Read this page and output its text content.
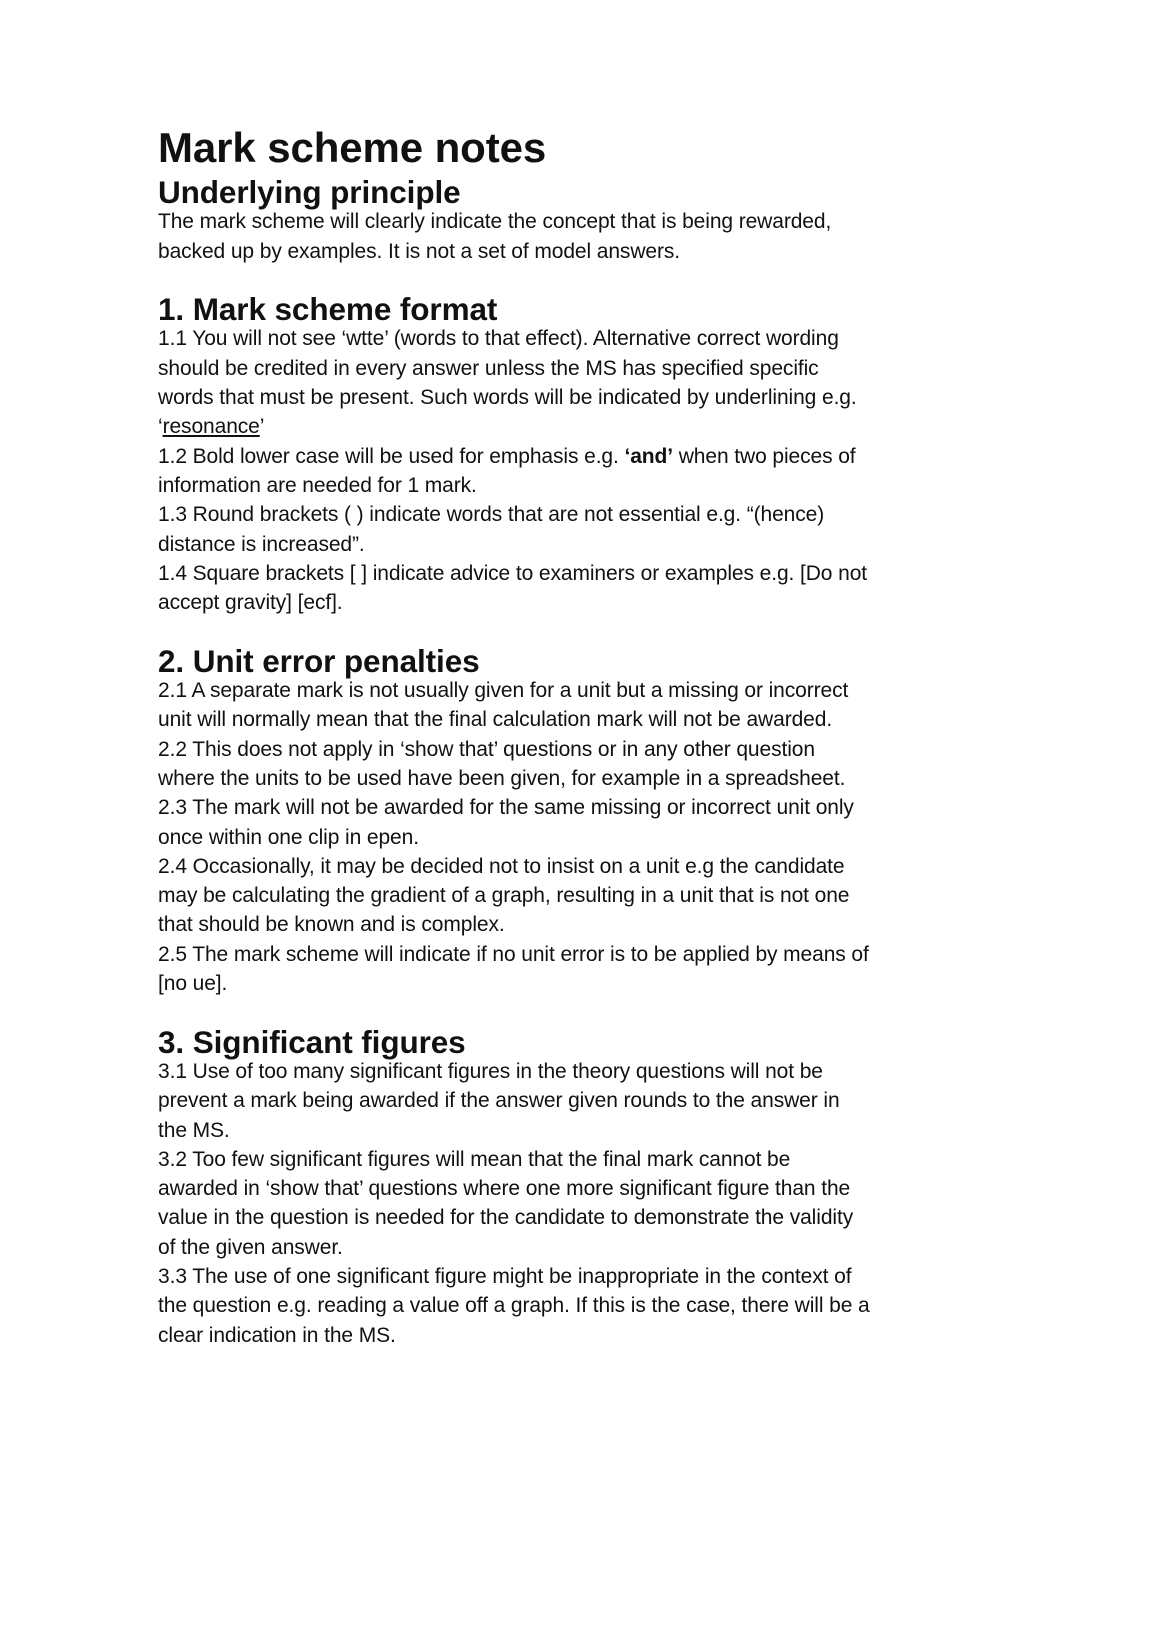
Mark scheme notes
Underlying principle

The mark scheme will clearly indicate the concept that is being rewarded,
backed up by examples. It is not a set of model answers.

1. Mark scheme format

1.1 You will not see ‘wtte’ (words to that effect). Alternative correct wording
should be credited in every answer unless the MS has specified specific
words that must be present. Such words will be indicated by underlining e.g.
‘resonance’
1.2 Bold lower case will be used for emphasis e.g. ‘and’ when two pieces of
information are needed for 1 mark.
1.3 Round brackets ( ) indicate words that are not essential e.g. “(hence)
distance is increased”.
1.4 Square brackets [ ] indicate advice to examiners or examples e.g. [Do not
accept gravity] [ecf].

2. Unit error penalties

2.1 A separate mark is not usually given for a unit but a missing or incorrect
unit will normally mean that the final calculation mark will not be awarded.
2.2 This does not apply in ‘show that’ questions or in any other question
where the units to be used have been given, for example in a spreadsheet.
2.3 The mark will not be awarded for the same missing or incorrect unit only
once within one clip in epen.
2.4 Occasionally, it may be decided not to insist on a unit e.g the candidate
may be calculating the gradient of a graph, resulting in a unit that is not one
that should be known and is complex.
2.5 The mark scheme will indicate if no unit error is to be applied by means of
[no ue].

3. Significant figures

3.1 Use of too many significant figures in the theory questions will not be
prevent a mark being awarded if the answer given rounds to the answer in
the MS.
3.2 Too few significant figures will mean that the final mark cannot be
awarded in ‘show that’ questions where one more significant figure than the
value in the question is needed for the candidate to demonstrate the validity
of the given answer.
3.3 The use of one significant figure might be inappropriate in the context of
the question e.g. reading a value off a graph. If this is the case, there will be a
clear indication in the MS.
